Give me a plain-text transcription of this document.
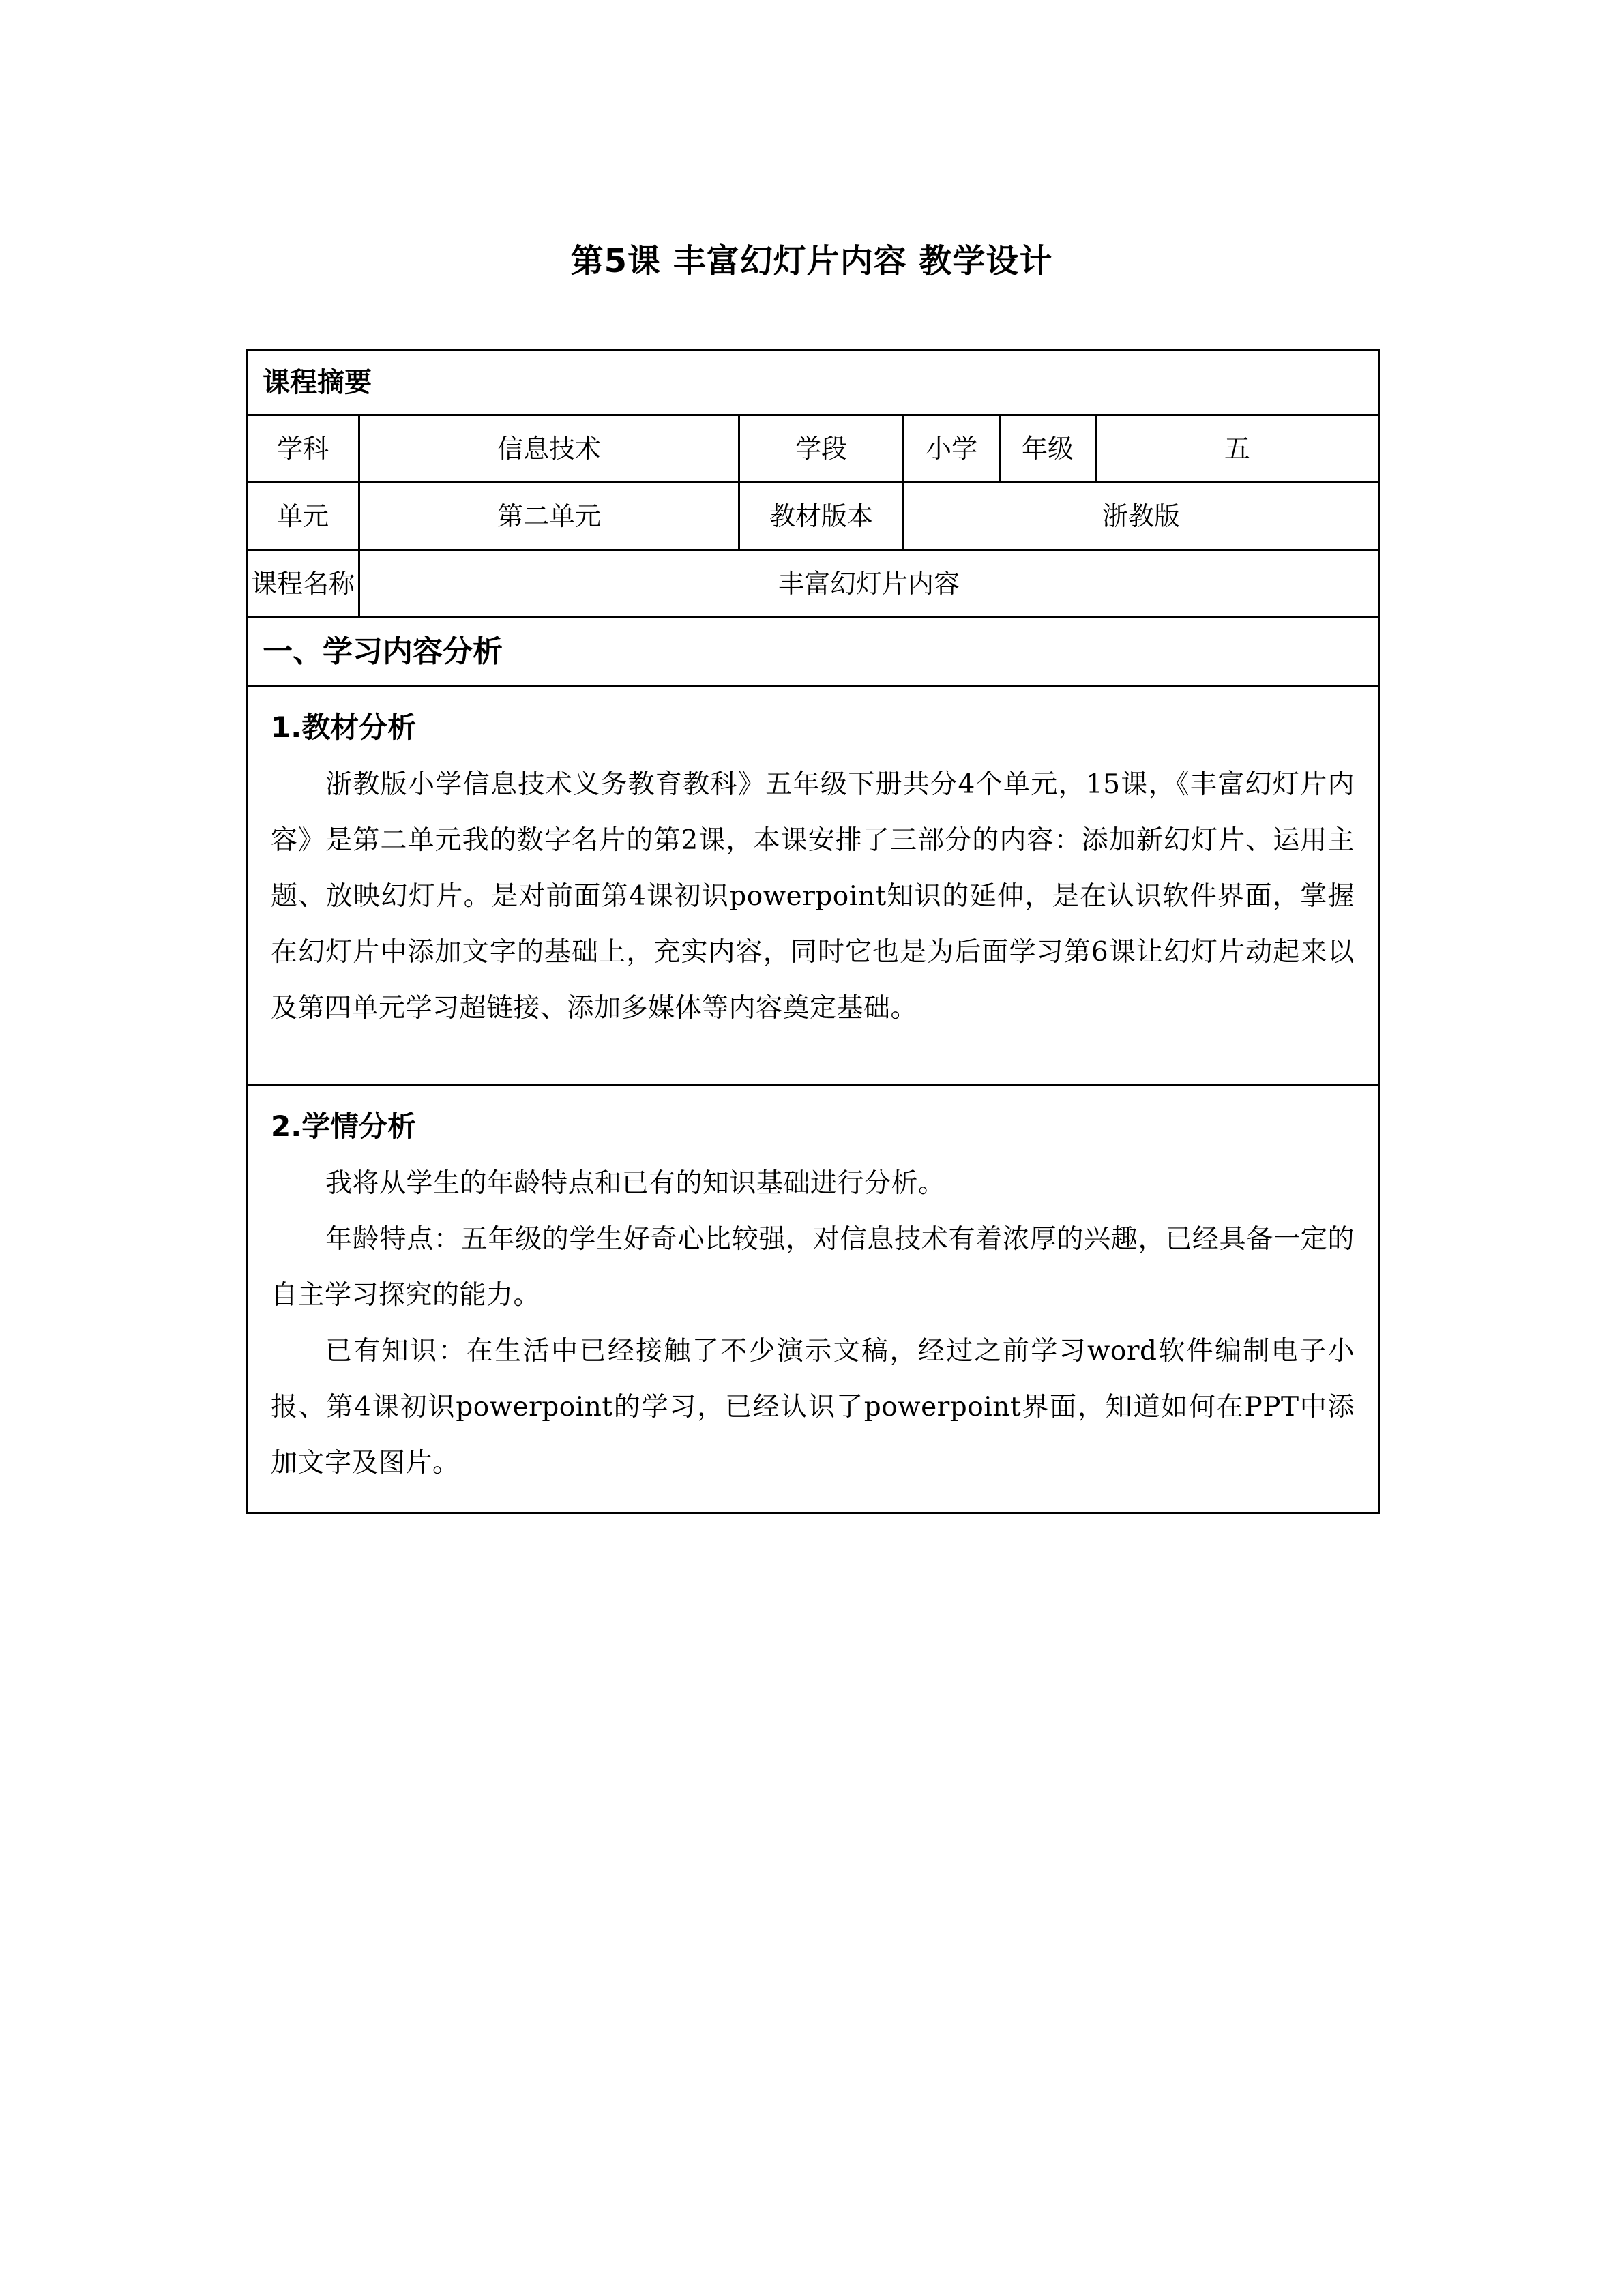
第5课 丰富幻灯片内容 教学设计
课程摘要					
学科	信息技术	学段	小学	年级	五
单元	第二单元	教材版本	浙教版		
课程名称	丰富幻灯片内容				
一、学习内容分析					

1.教材分析

浙教版小学信息技术义务教育教科》五年级下册共分4个单元，15课，《丰富幻灯片内容》是第二单元我的数字名片的第2课，本课安排了三部分的内容：添加新幻灯片、运用主题、放映幻灯片。是对前面第4课初识powerpoint知识的延伸，是在认识软件界面，掌握在幻灯片中添加文字的基础上，充实内容，同时它也是为后面学习第6课让幻灯片动起来以及第四单元学习超链接、添加多媒体等内容奠定基础。					

2.学情分析

我将从学生的年龄特点和已有的知识基础进行分析。

年龄特点：五年级的学生好奇心比较强，对信息技术有着浓厚的兴趣，已经具备一定的自主学习探究的能力。

已有知识：在生活中已经接触了不少演示文稿，经过之前学习word软件编制电子小报、第4课初识powerpoint的学习，已经认识了powerpoint界面，知道如何在PPT中添加文字及图片。					
